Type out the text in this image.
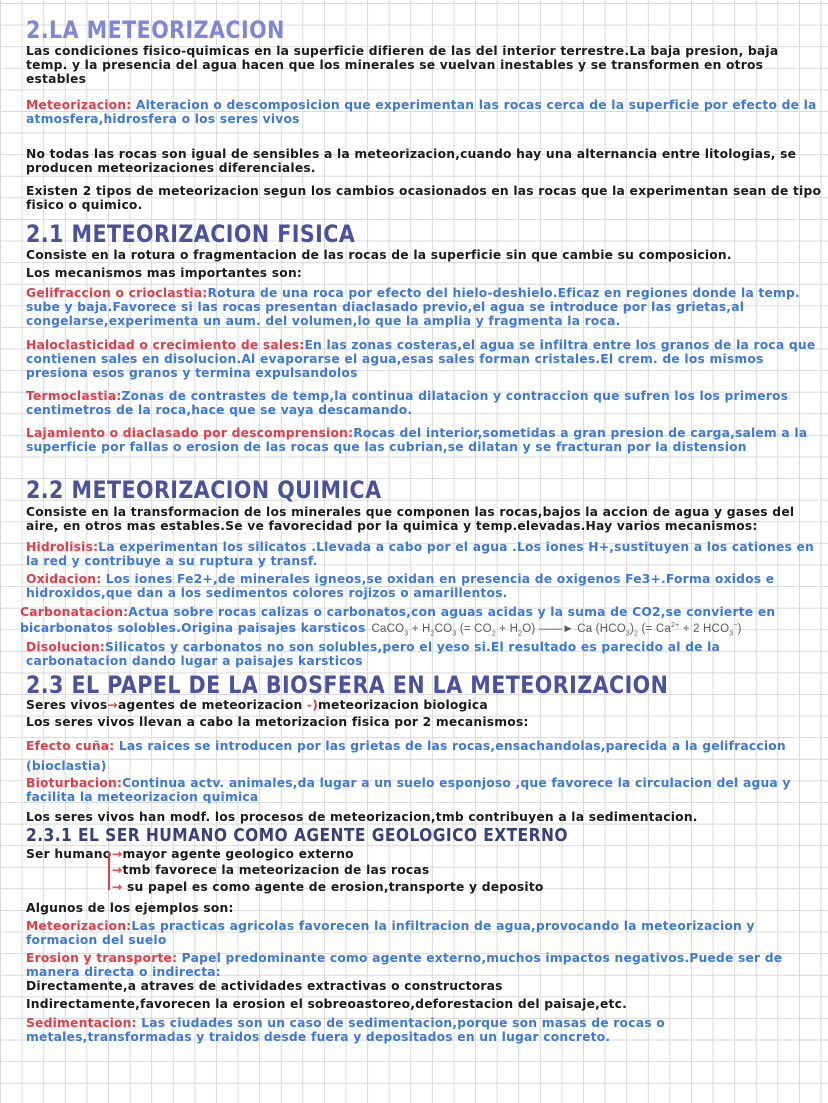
2.LA METEORIZACION
Las condiciones fisico-quimicas en la superficie difieren de las del interior terrestre.La baja presion, baja temp. y la presencia del agua hacen que los minerales se vuelvan inestables y se transformen en otros estables
Meteorizacion: Alteracion o descomposicion que experimentan las rocas cerca de la superficie por efecto de la atmosfera,hidrosfera o los seres vivos
No todas las rocas son igual de sensibles a la meteorizacion,cuando hay una alternancia entre litologias, se producen meteorizaciones diferenciales.
Existen 2 tipos de meteorizacion segun los cambios ocasionados en las rocas que la experimentan sean de tipo fisico o quimico.
2.1 METEORIZACION FISICA
Consiste en la rotura o fragmentacion de las rocas de la superficie sin que cambie su composicion.
Los mecanismos mas importantes son:
Gelifraccion o crioclastia:Rotura de una roca por efecto del hielo-deshielo.Eficaz en regiones donde la temp. sube y baja.Favorece si las rocas presentan diaclasado previo,el agua se introduce por las grietas,al congelarse,experimenta un aum. del volumen,lo que la amplia y fragmenta la roca.
Haloclasticidad o crecimiento de sales:En las zonas costeras,el agua se infiltra entre los granos de la roca que contienen sales en disolucion.Al evaporarse el agua,esas sales forman cristales.El crem. de los mismos presiona esos granos y termina expulsandolos
Termoclastia:Zonas de contrastes de temp,la continua dilatacion y contraccion que sufren los los primeros centimetros de la roca,hace que se vaya descamando.
Lajamiento o diaclasado por descomprension:Rocas del interior,sometidas a gran presion de carga,salem a la superficie por fallas o erosion de las rocas que las cubrian,se dilatan y se fracturan por la distension
2.2 METEORIZACION QUIMICA
Consiste en la transformacion de los minerales que componen las rocas,bajos la accion de agua y gases del aire, en otros mas estables.Se ve favorecidad por la quimica y temp.elevadas.Hay varios mecanismos:
Hidrolisis:La experimentan los silicatos .Llevada a cabo por el agua .Los iones H+,sustituyen a los cationes en la red y contribuye a su ruptura y transf.
Oxidacion: Los iones Fe2+,de minerales igneos,se oxidan en presencia de oxigenos Fe3+.Forma oxidos e hidroxidos,que dan a los sedimentos colores rojizos o amarillentos.
Carbonatacion:Actua sobre rocas calizas o carbonatos,con aguas acidas y la suma de CO2,se convierte en bicarbonatos solobles.Origina paisajes karsticos CaCO$_3$ + $H_2CO_3$ (= $CO_2 + H_2O$) ——► Ca $(HCO_3)_2$ (= $Ca^{2+} + 2$ $HCO_3^-$)
Disolucion:Silicatos y carbonatos no son solubles,pero el yeso si.El resultado es parecido al de la carbonatacion dando lugar a paisajes karsticos
2.3 EL PAPEL DE LA BIOSFERA EN LA METEORIZACION
Seres vivos→agentes de meteorizacion -)meteorizacion biologica
Los seres vivos llevan a cabo la metorizacion fisica por 2 mecanismos:
Efecto cuña: Las raices se introducen por las grietas de las rocas,ensachandolas,parecida a la gelifraccion (bioclastia)
Bioturbacion:Continua actv. animales,da lugar a un suelo esponjoso ,que favorece la circulacion del agua y facilita la meteorizacion quimica
Los seres vivos han modf. los procesos de meteorizacion,tmb contribuyen a la sedimentacion.
2.3.1 EL SER HUMANO COMO AGENTE GEOLOGICO EXTERNO
Ser humano →mayor agente geologico externo
→tmb favorece la meteorizacion de las rocas
→ su papel es como agente de erosion,transporte y deposito
Algunos de los ejemplos son:
Meteorizacion:Las practicas agricolas favorecen la infiltracion de agua,provocando la meteorizacion y formacion del suelo
Erosion y transporte: Papel predominante como agente externo,muchos impactos negativos.Puede ser de manera directa o indirecta:
Directamente,a atraves de actividades extractivas o constructoras
Indirectamente,favorecen la erosion el sobreoastoreo,deforestacion del paisaje,etc.
Sedimentacion: Las ciudades son un caso de sedimentacion,porque son masas de rocas o metales,transformadas y traidos desde fuera y depositados en un lugar concreto.
